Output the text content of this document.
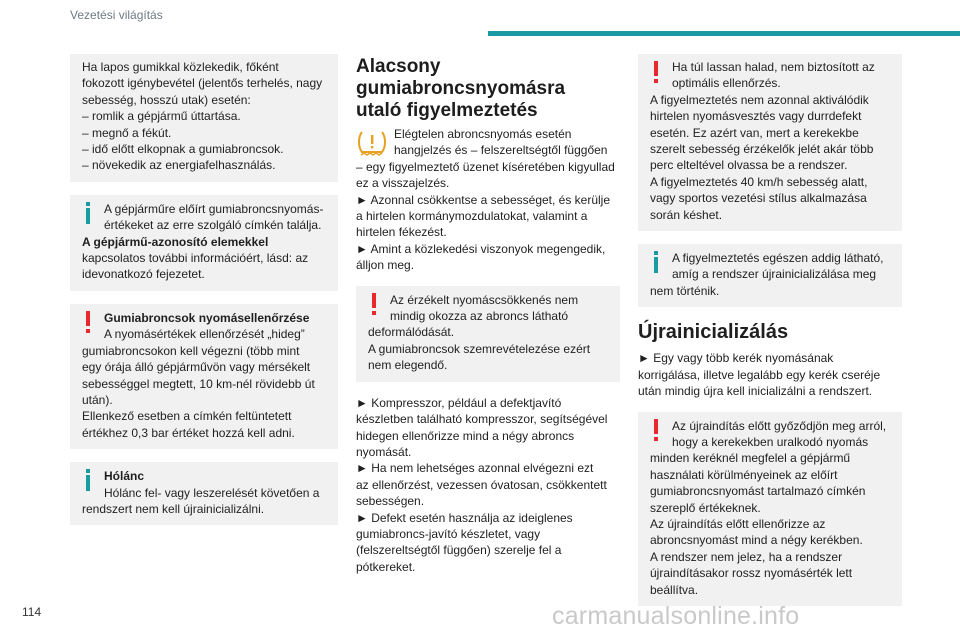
Vezetési világítás

Ha lapos gumikkal közlekedik, főként

fokozott igénybevétel (jelentős terhelés, nagy

sebesség, hosszú utak) esetén:

– romlik a gépjármű úttartása.

– megnő a fékút.

– idő előtt elkopnak a gumiabroncsok.

– növekedik az energiafelhasználás.

A gépjárműre előírt gumiabroncsnyomás-

értékeket az erre szolgáló címkén találja.

A gépjármű-azonosító elemekkel

kapcsolatos további információért, lásd: az

idevonatkozó fejezetet.

Gumiabroncsok nyomásellenőrzése

A nyomásértékek ellenőrzését „hideg”

gumiabroncsokon kell végezni (több mint

egy órája álló gépjárművön vagy mérsékelt

sebességgel megtett, 10 km-nél rövidebb út

után).

Ellenkező esetben a címkén feltüntetett

értékhez 0,3 bar értéket hozzá kell adni.

Hólánc

Hólánc fel- vagy leszerelését követően a

rendszert nem kell újrainicializálni.

Alacsony
gumiabroncsnyomásra
utaló figyelmeztetés

Elégtelen abroncsnyomás esetén

hangjelzés és – felszereltségtől függően

– egy figyelmeztető üzenet kíséretében kigyullad

ez a visszajelzés.

► Azonnal csökkentse a sebességet, és kerülje

a hirtelen kormánymozdulatokat, valamint a

hirtelen fékezést.

► Amint a közlekedési viszonyok megengedik,

álljon meg.

Az érzékelt nyomáscsökkenés nem

mindig okozza az abroncs látható

deformálódását.

A gumiabroncsok szemrevételezése ezért

nem elegendő.

► Kompresszor, például a defektjavító

készletben található kompresszor, segítségével

hidegen ellenőrizze mind a négy abroncs

nyomását.

► Ha nem lehetséges azonnal elvégezni ezt

az ellenőrzést, vezessen óvatosan, csökkentett

sebességen.

► Defekt esetén használja az ideiglenes

gumiabroncs-javító készletet, vagy

(felszereltségtől függően) szerelje fel a

pótkereket.

Ha túl lassan halad, nem biztosított az

optimális ellenőrzés.

A figyelmeztetés nem azonnal aktiválódik

hirtelen nyomásvesztés vagy durrdefekt

esetén. Ez azért van, mert a kerekekbe

szerelt sebesség érzékelők jelét akár több

perc elteltével olvassa be a rendszer.

A figyelmeztetés 40 km/h sebesség alatt,

vagy sportos vezetési stílus alkalmazása

során késhet.

A figyelmeztetés egészen addig látható,

amíg a rendszer újrainicializálása meg

nem történik.

Újrainicializálás

► Egy vagy több kerék nyomásának

korrigálása, illetve legalább egy kerék cseréje

után mindig újra kell inicializálni a rendszert.

Az újraindítás előtt győződjön meg arról,

hogy a kerekekben uralkodó nyomás

minden keréknél megfelel a gépjármű

használati körülményeinek az előírt

gumiabroncsnyomást tartalmazó címkén

szereplő értékeknek.

Az újraindítás előtt ellenőrizze az

abroncsnyomást mind a négy kerékben.

A rendszer nem jelez, ha a rendszer

újraindításakor rossz nyomásérték lett

beállítva.

114	carmanualsonline.info
